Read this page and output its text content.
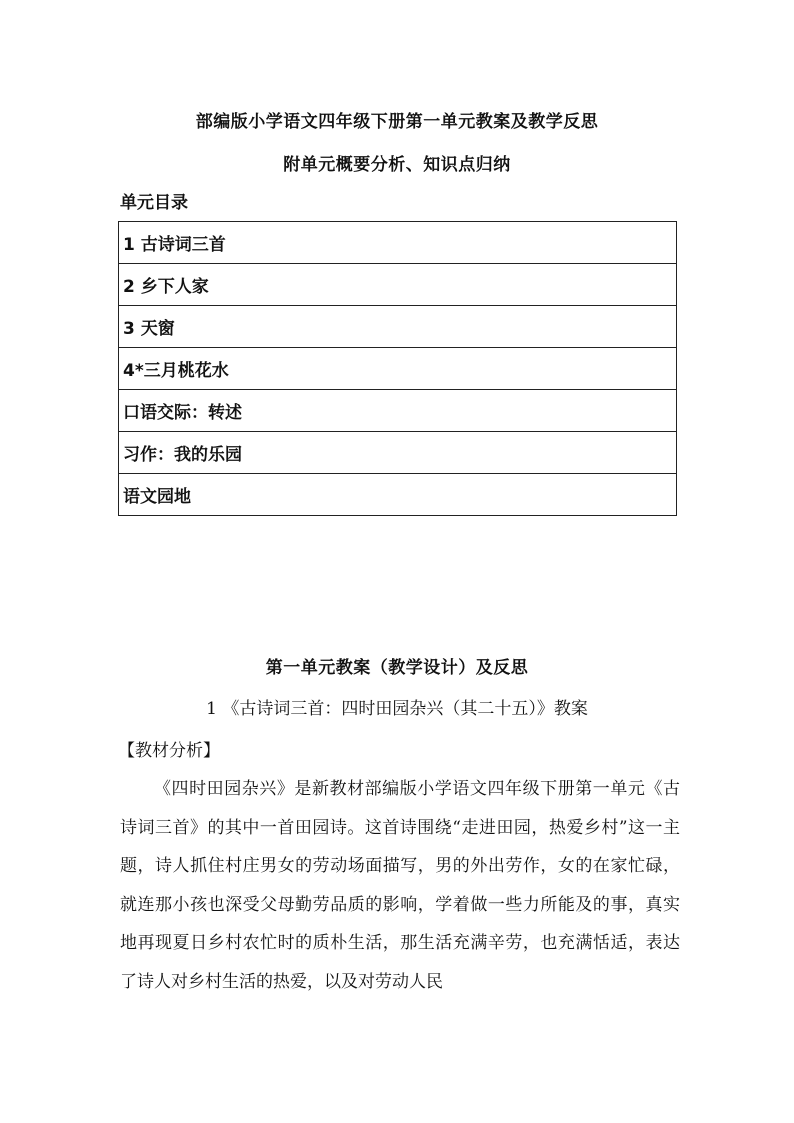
部编版小学语文四年级下册第一单元教案及教学反思
附单元概要分析、知识点归纳
单元目录
1 古诗词三首
2 乡下人家
3 天窗
4*三月桃花水
口语交际：转述
习作：我的乐园
语文园地
第一单元教案（教学设计）及反思
1 《古诗词三首：四时田园杂兴（其二十五）》教案
【教材分析】

《四时田园杂兴》是新教材部编版小学语文四年级下册第一单元《古诗词三首》的其中一首田园诗。这首诗围绕“走进田园，热爱乡村”这一主题，诗人抓住村庄男女的劳动场面描写，男的外出劳作，女的在家忙碌，就连那小孩也深受父母勤劳品质的影响，学着做一些力所能及的事，真实地再现夏日乡村农忙时的质朴生活，那生活充满辛劳，也充满恬适，表达了诗人对乡村生活的热爱，以及对劳动人民
